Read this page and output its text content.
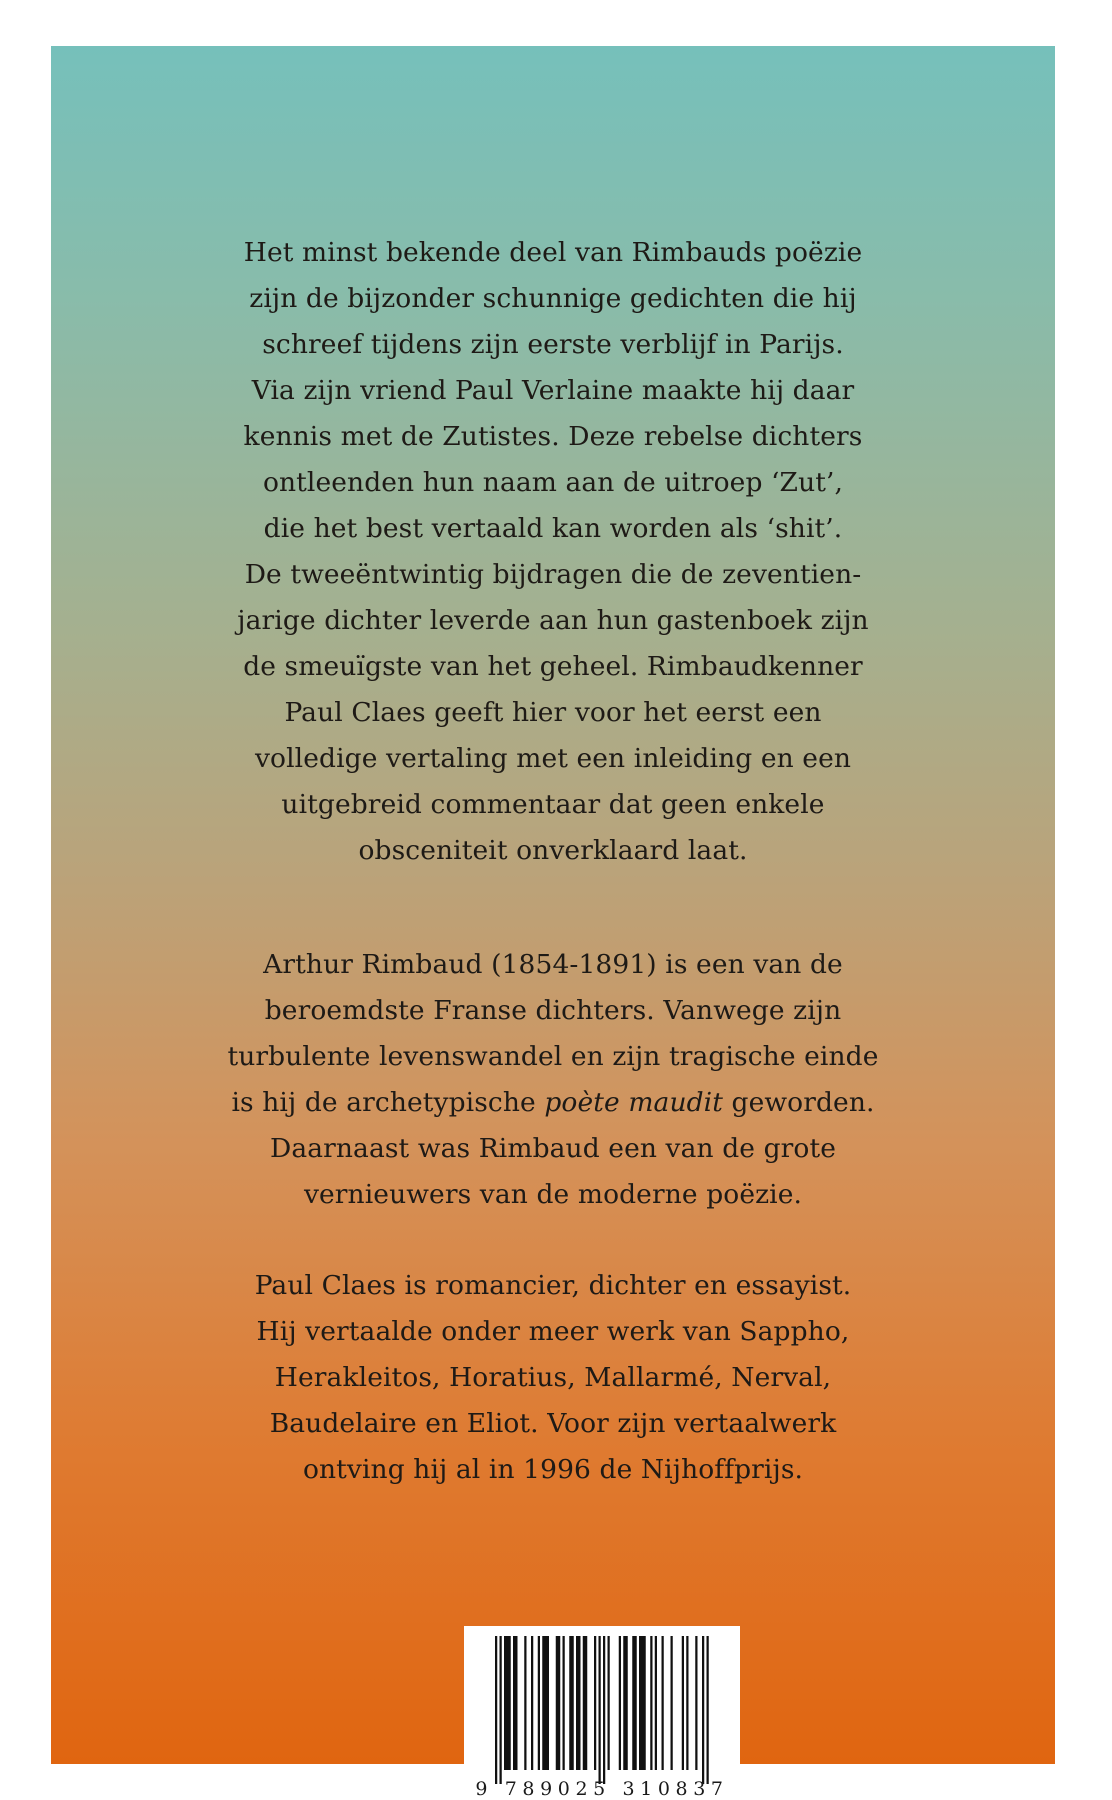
Het minst bekende deel van Rimbauds poëzie
zijn de bijzonder schunnige gedichten die hij
schreef tijdens zijn eerste verblijf in Parijs.
Via zijn vriend Paul Verlaine maakte hij daar
kennis met de Zutistes. Deze rebelse dichters
ontleenden hun naam aan de uitroep ‘Zut’,
die het best vertaald kan worden als ‘shit’.
De tweeëntwintig bijdragen die de zeventien-
jarige dichter leverde aan hun gastenboek zijn
de smeuïgste van het geheel. Rimbaudkenner
Paul Claes geeft hier voor het eerst een
volledige vertaling met een inleiding en een
uitgebreid commentaar dat geen enkele
obsceniteit onverklaard laat.
Arthur Rimbaud (1854-1891) is een van de
beroemdste Franse dichters. Vanwege zijn
turbulente levenswandel en zijn tragische einde
is hij de archetypische poète maudit geworden.
Daarnaast was Rimbaud een van de grote
vernieuwers van de moderne poëzie.
Paul Claes is romancier, dichter en essayist.
Hij vertaalde onder meer werk van Sappho,
Herakleitos, Horatius, Mallarmé, Nerval,
Baudelaire en Eliot. Voor zijn vertaalwerk
ontving hij al in 1996 de Nijhoffprijs.
9 789025 310837
